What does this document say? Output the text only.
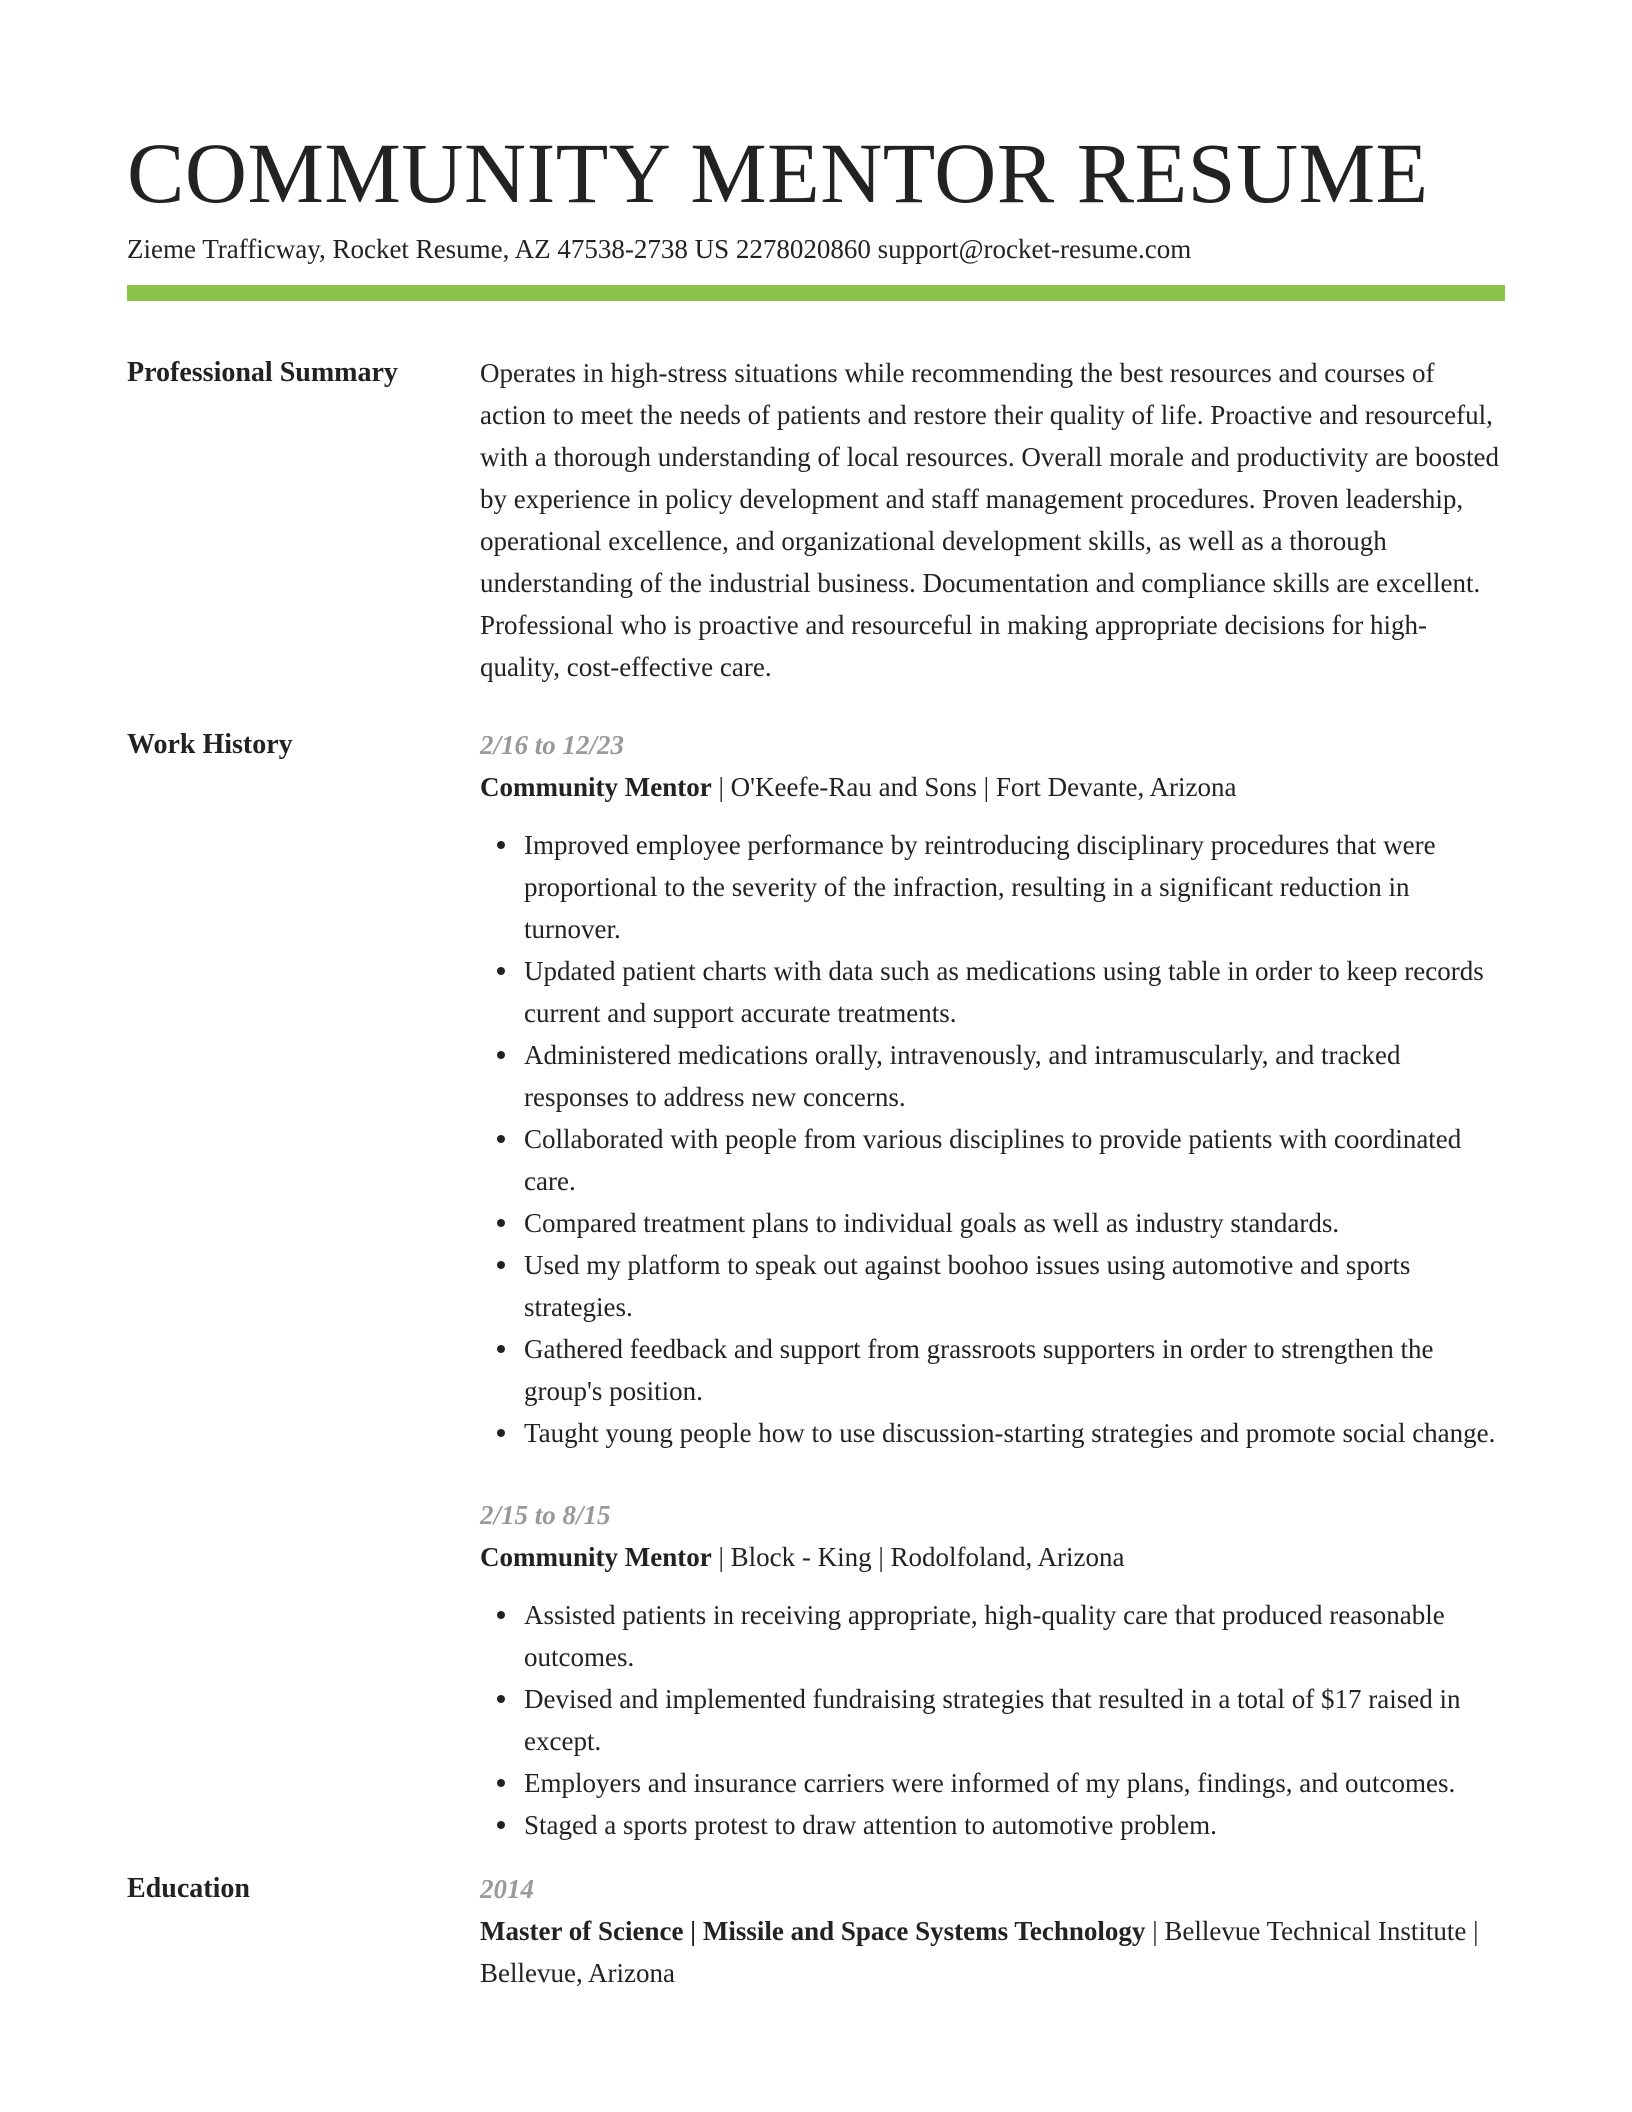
COMMUNITY MENTOR RESUME
Zieme Trafficway, Rocket Resume, AZ 47538-2738 US 2278020860 support@rocket-resume.com
Professional Summary	Operates in high-stress situations while recommending the best resources and courses of action to meet the needs of patients and restore their quality of life. Proactive and resourceful, with a thorough understanding of local resources. Overall morale and productivity are boosted by experience in policy development and staff management procedures. Proven leadership, operational excellence, and organizational development skills, as well as a thorough understanding of the industrial business. Documentation and compliance skills are excellent. Professional who is proactive and resourceful in making appropriate decisions for high-quality, cost-effective care.

Work History	2/16 to 12/23
Community Mentor | O'Keefe-Rau and Sons | Fort Devante, Arizona
Improved employee performance by reintroducing disciplinary procedures that were proportional to the severity of the infraction, resulting in a significant reduction in turnover.
Updated patient charts with data such as medications using table in order to keep records current and support accurate treatments.
Administered medications orally, intravenously, and intramuscularly, and tracked responses to address new concerns.
Collaborated with people from various disciplines to provide patients with coordinated care.
Compared treatment plans to individual goals as well as industry standards.
Used my platform to speak out against boohoo issues using automotive and sports strategies.
Gathered feedback and support from grassroots supporters in order to strengthen the group's position.
Taught young people how to use discussion-starting strategies and promote social change.
2/15 to 8/15
Community Mentor | Block - King | Rodolfoland, Arizona
Assisted patients in receiving appropriate, high-quality care that produced reasonable outcomes.
Devised and implemented fundraising strategies that resulted in a total of $17 raised in except.
Employers and insurance carriers were informed of my plans, findings, and outcomes.
Staged a sports protest to draw attention to automotive problem.
Education	2014
Master of Science | Missile and Space Systems Technology | Bellevue Technical Institute | Bellevue, Arizona
